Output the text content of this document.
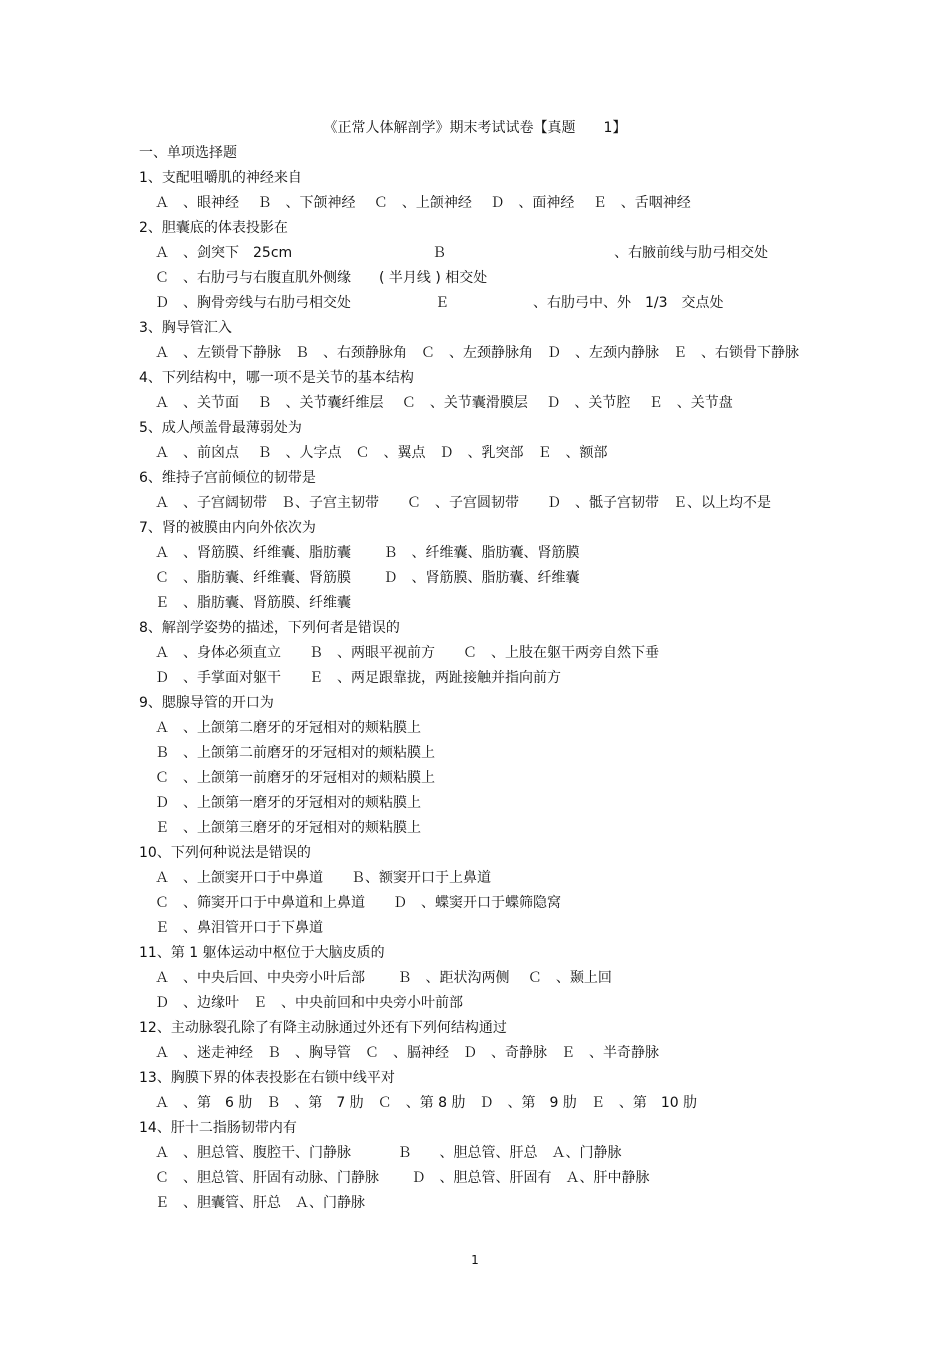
《正常人体解剖学》期末考试试卷【真题　　1】
一、单项选择题
1、支配咀嚼肌的神经来自
Ａ　、眼神经　 Ｂ　、下颌神经　 Ｃ　、上颌神经　 Ｄ　、面神经　 Ｅ　、舌咽神经
2、胆囊底的体表投影在
Ａ　、剑突下　25cm　　　　　　　　　　Ｂ　　　　　　　　　　　　、右腋前线与肋弓相交处
Ｃ　、右肋弓与右腹直肌外侧缘　　( 半月线 ) 相交处
Ｄ　、胸骨旁线与右肋弓相交处　　　　　　Ｅ　　　　　　、右肋弓中、外　1/3　交点处
3、胸导管汇入
Ａ　、左锁骨下静脉　Ｂ　、右颈静脉角　Ｃ　、左颈静脉角　Ｄ　、左颈内静脉　Ｅ　、右锁骨下静脉
4、下列结构中，哪一项不是关节的基本结构
Ａ　、关节面　 Ｂ　、关节囊纤维层　 Ｃ　、关节囊滑膜层　 Ｄ　、关节腔　 Ｅ　、关节盘
5、成人颅盖骨最薄弱处为
Ａ　、前囟点　 Ｂ　、人字点　Ｃ　、翼点　Ｄ　、乳突部　Ｅ　、额部
6、维持子宫前倾位的韧带是
Ａ　、子宫阔韧带　Ｂ、子宫主韧带　　Ｃ　、子宫圆韧带　　Ｄ　、骶子宫韧带　Ｅ、以上均不是
7、肾的被膜由内向外依次为
Ａ　、肾筋膜、纤维囊、脂肪囊　　 Ｂ　、纤维囊、脂肪囊、肾筋膜
Ｃ　、脂肪囊、纤维囊、肾筋膜　　 Ｄ　、肾筋膜、脂肪囊、纤维囊
Ｅ　、脂肪囊、肾筋膜、纤维囊
8、解剖学姿势的描述，下列何者是错误的
Ａ　、身体必须直立　　Ｂ　、两眼平视前方　　Ｃ　、上肢在躯干两旁自然下垂
Ｄ　、手掌面对躯干　　Ｅ　、两足跟靠拢，两趾接触并指向前方
9、腮腺导管的开口为
Ａ　、上颌第二磨牙的牙冠相对的颊粘膜上
Ｂ　、上颌第二前磨牙的牙冠相对的颊粘膜上
Ｃ　、上颌第一前磨牙的牙冠相对的颊粘膜上
Ｄ　、上颌第一磨牙的牙冠相对的颊粘膜上
Ｅ　、上颌第三磨牙的牙冠相对的颊粘膜上
10、下列何种说法是错误的
Ａ　、上颌窦开口于中鼻道　　Ｂ、额窦开口于上鼻道
Ｃ　、筛窦开口于中鼻道和上鼻道　　Ｄ　、蝶窦开口于蝶筛隐窝
Ｅ　、鼻泪管开口于下鼻道
11、第 1 躯体运动中枢位于大脑皮质的
Ａ　、中央后回、中央旁小叶后部　　 Ｂ　、距状沟两侧　 Ｃ　、颞上回
Ｄ　、边缘叶　Ｅ　、中央前回和中央旁小叶前部
12、主动脉裂孔除了有降主动脉通过外还有下列何结构通过
Ａ　、迷走神经　Ｂ　、胸导管　Ｃ　、膈神经　Ｄ　、奇静脉　Ｅ　、半奇静脉
13、胸膜下界的体表投影在右锁中线平对
Ａ　、第　6 肋　Ｂ　、第　7 肋　Ｃ　、第 8 肋　Ｄ　、第　9 肋　Ｅ　、第　10 肋
14、肝十二指肠韧带内有
Ａ　、胆总管、腹腔干、门静脉　　　 Ｂ　　、胆总管、肝总　Ａ、门静脉
Ｃ　、胆总管、肝固有动脉、门静脉　　 Ｄ　、胆总管、肝固有　Ａ、肝中静脉
Ｅ　、胆囊管、肝总　Ａ、门静脉
1
